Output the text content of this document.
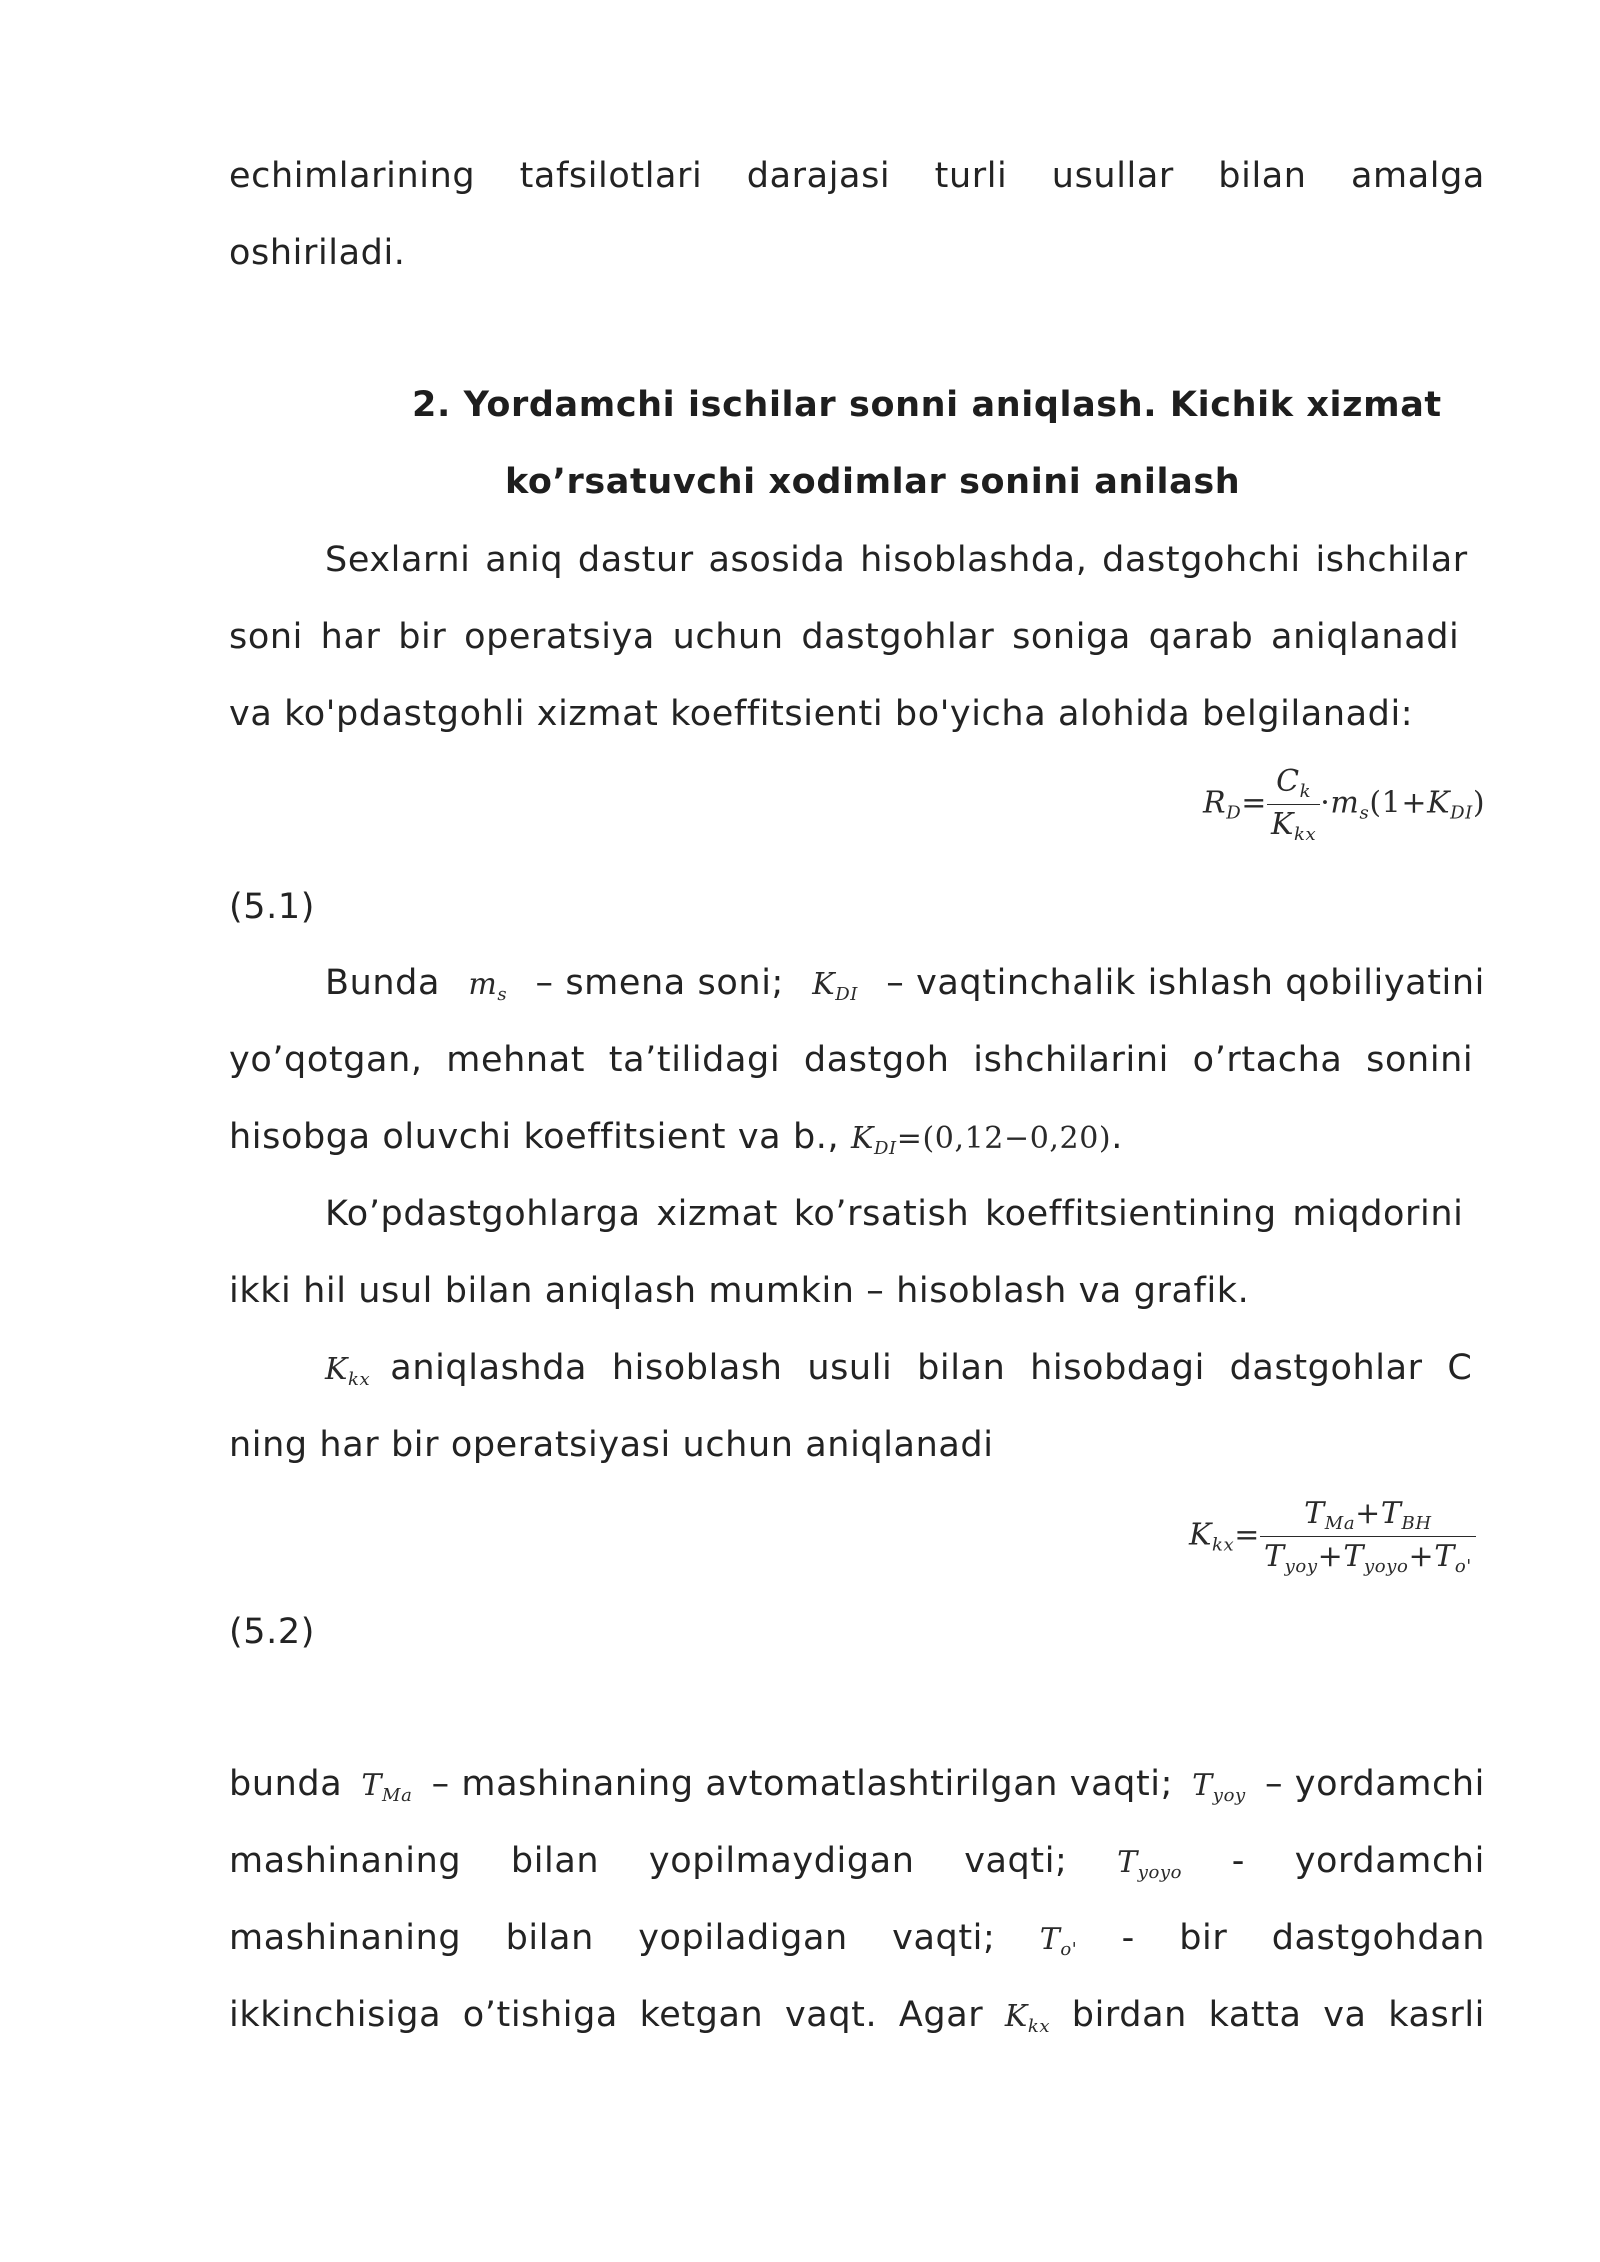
echimlarining tafsilotlari darajasi turli usullar bilan amalga
oshiriladi.
2. Yordamchi ischilar sonni aniqlash. Kichik xizmat
ko’rsatuvchi xodimlar sonini anilash
Sexlarni aniq dastur asosida hisoblashda, dastgohchi ishchilar
soni har bir operatsiya uchun dastgohlar soniga qarab aniqlanadi
va ko'pdastgohli xizmat koeffitsienti bo'yicha alohida belgilanadi:
$R_D= \frac{C_k}{K_{kx}} \cdot m_s(1+K_{DI})$
(5.1)
Bunda $m_s$ – smena soni; $K_{DI}$ – vaqtinchalik ishlash qobiliyatini
yo’qotgan, mehnat ta’tilidagi dastgoh ishchilarini o’rtacha sonini
hisobga oluvchi koeffitsient va b., $K_{DI}=(0,12-0,20)$.
Ko’pdastgohlarga xizmat ko’rsatish koeffitsientining miqdorini
ikki hil usul bilan aniqlash mumkin – hisoblash va grafik.
$K_{kx}$ aniqlashda hisoblash usuli bilan hisobdagi dastgohlar C
ning har bir operatsiyasi uchun aniqlanadi
$K_{kx}= \frac{T_{Ma}+T_{BH}}{T_{yoy}+T_{yoyo}+T_{o'}}$
(5.2)
bunda $T_{Ma}$ – mashinaning avtomatlashtirilgan vaqti; $T_{yoy}$ – yordamchi
mashinaning bilan yopilmaydigan vaqti; $T_{yoyo}$ - yordamchi
mashinaning bilan yopiladigan vaqti; $T_{o'}$ - bir dastgohdan
ikkinchisiga o’tishiga ketgan vaqt. Agar $K_{kx}$ birdan katta va kasrli
